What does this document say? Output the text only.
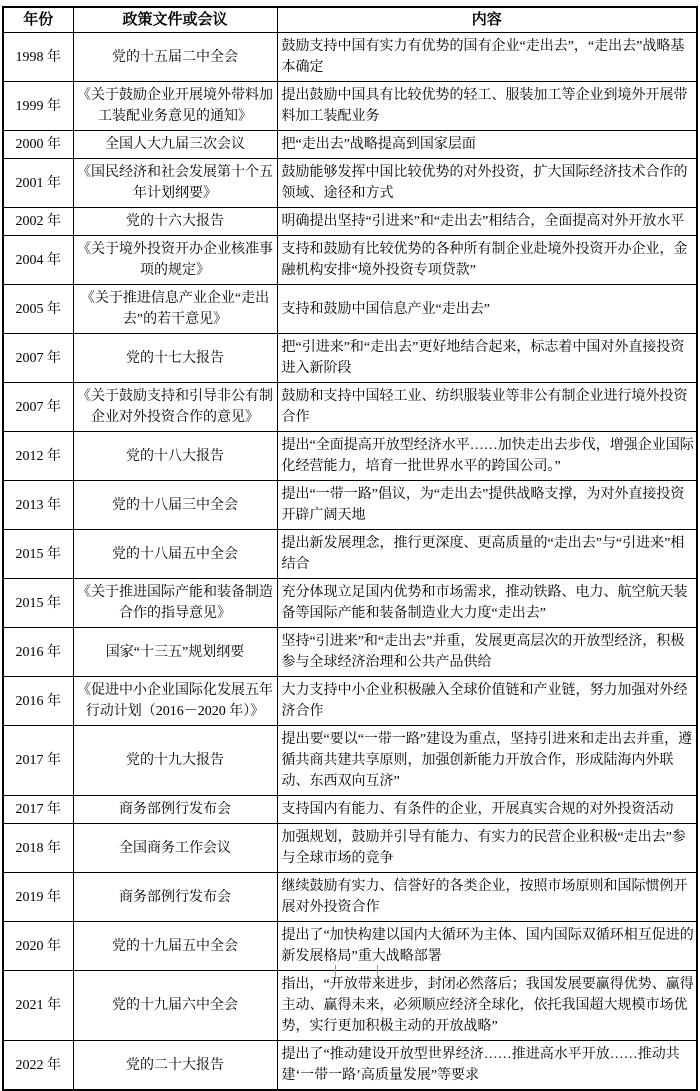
年份	政策文件或会议	内容
1998 年	党的十五届二中全会	鼓励支持中国有实力有优势的国有企业“走出去”，“走出去”战略基本确定
1999 年	《关于鼓励企业开展境外带料加工装配业务意见的通知》	提出鼓励中国具有比较优势的轻工、服装加工等企业到境外开展带料加工装配业务
2000 年	全国人大九届三次会议	把“走出去”战略提高到国家层面
2001 年	《国民经济和社会发展第十个五年计划纲要》	鼓励能够发挥中国比较优势的对外投资，扩大国际经济技术合作的领域、途径和方式
2002 年	党的十六大报告	明确提出坚持“引进来”和“走出去”相结合，全面提高对外开放水平
2004 年	《关于境外投资开办企业核准事项的规定》	支持和鼓励有比较优势的各种所有制企业赴境外投资开办企业，金融机构安排“境外投资专项贷款”
2005 年	《关于推进信息产业企业“走出去”的若干意见》	支持和鼓励中国信息产业“走出去”
2007 年	党的十七大报告	把“引进来”和“走出去”更好地结合起来，标志着中国对外直接投资进入新阶段
2007 年	《关于鼓励支持和引导非公有制企业对外投资合作的意见》	鼓励和支持中国轻工业、纺织服装业等非公有制企业进行境外投资合作
2012 年	党的十八大报告	提出“全面提高开放型经济水平……加快走出去步伐，增强企业国际化经营能力，培育一批世界水平的跨国公司。”
2013 年	党的十八届三中全会	提出“一带一路”倡议，为“走出去”提供战略支撑，为对外直接投资开辟广阔天地
2015 年	党的十八届五中全会	提出新发展理念，推行更深度、更高质量的“走出去”与“引进来”相结合
2015 年	《关于推进国际产能和装备制造合作的指导意见》	充分体现立足国内优势和市场需求，推动铁路、电力、航空航天装备等国际产能和装备制造业大力度“走出去”
2016 年	国家“十三五”规划纲要	坚持“引进来”和“走出去”并重，发展更高层次的开放型经济，积极参与全球经济治理和公共产品供给
2016 年	《促进中小企业国际化发展五年行动计划（2016－2020 年）》	大力支持中小企业积极融入全球价值链和产业链，努力加强对外经济合作
2017 年	党的十九大报告	提出要“要以“一带一路”建设为重点，坚持引进来和走出去并重，遵循共商共建共享原则，加强创新能力开放合作，形成陆海内外联动、东西双向互济”
2017 年	商务部例行发布会	支持国内有能力、有条件的企业，开展真实合规的对外投资活动
2018 年	全国商务工作会议	加强规划，鼓励并引导有能力、有实力的民营企业积极“走出去”参与全球市场的竞争
2019 年	商务部例行发布会	继续鼓励有实力、信誉好的各类企业，按照市场原则和国际惯例开展对外投资合作
2020 年	党的十九届五中全会	提出了“加快构建以国内大循环为主体、国内国际双循环相互促进的新发展格局”重大战略部署
2021 年	党的十九届六中全会	指出，“开放带来进步，封闭必然落后；我国发展要赢得优势、赢得主动、赢得未来，必须顺应经济全球化，依托我国超大规模市场优势，实行更加积极主动的开放战略”
2022 年	党的二十大报告	提出了“推动建设开放型世界经济……推进高水平开放……推动共建‘一带一路’高质量发展”等要求
